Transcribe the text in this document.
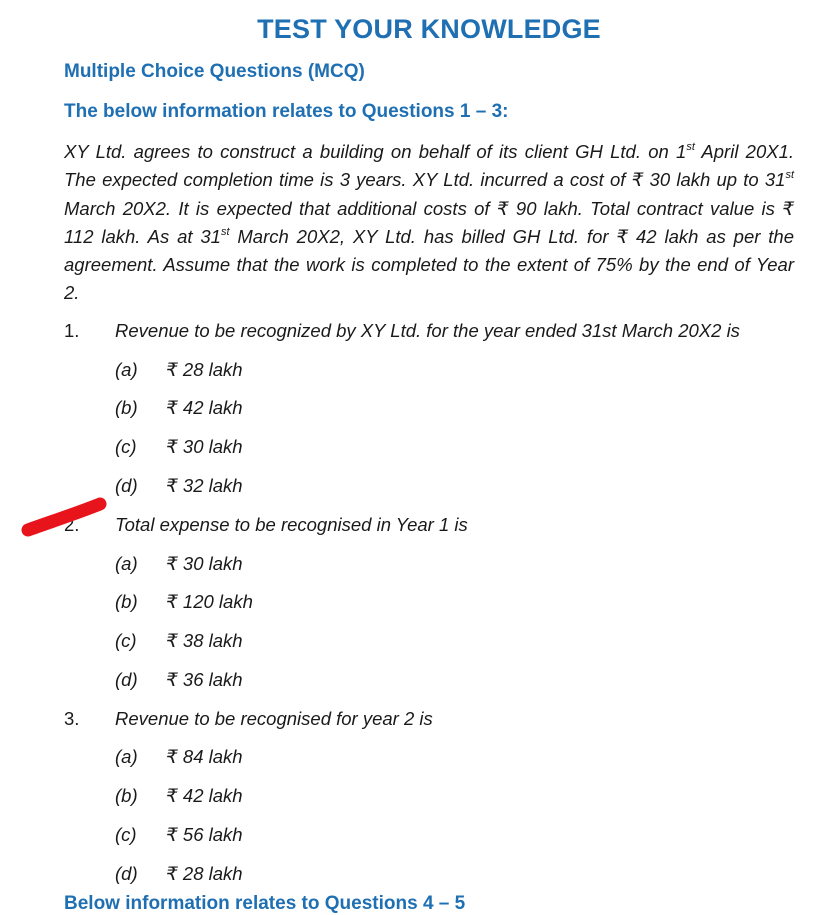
TEST YOUR KNOWLEDGE
Multiple Choice Questions (MCQ)
The below information relates to Questions 1 – 3:

XY Ltd. agrees to construct a building on behalf of its client GH Ltd. on 1st April 20X1. The expected completion time is 3 years. XY Ltd. incurred a cost of ₹ 30 lakh up to 31st March 20X2. It is expected that additional costs of ₹ 90 lakh. Total contract value is ₹ 112 lakh. As at 31st March 20X2, XY Ltd. has billed GH Ltd. for ₹ 42 lakh as per the agreement. Assume that the work is completed to the extent of 75% by the end of Year 2.

1. Revenue to be recognized by XY Ltd. for the year ended 31st March 20X2 is
(a) ₹ 28 lakh
(b) ₹ 42 lakh
(c) ₹ 30 lakh
(d) ₹ 32 lakh
2. Total expense to be recognised in Year 1 is
(a) ₹ 30 lakh
(b) ₹ 120 lakh
(c) ₹ 38 lakh
(d) ₹ 36 lakh
3. Revenue to be recognised for year 2 is
(a) ₹ 84 lakh
(b) ₹ 42 lakh
(c) ₹ 56 lakh
(d) ₹ 28 lakh
Below information relates to Questions 4 – 5
